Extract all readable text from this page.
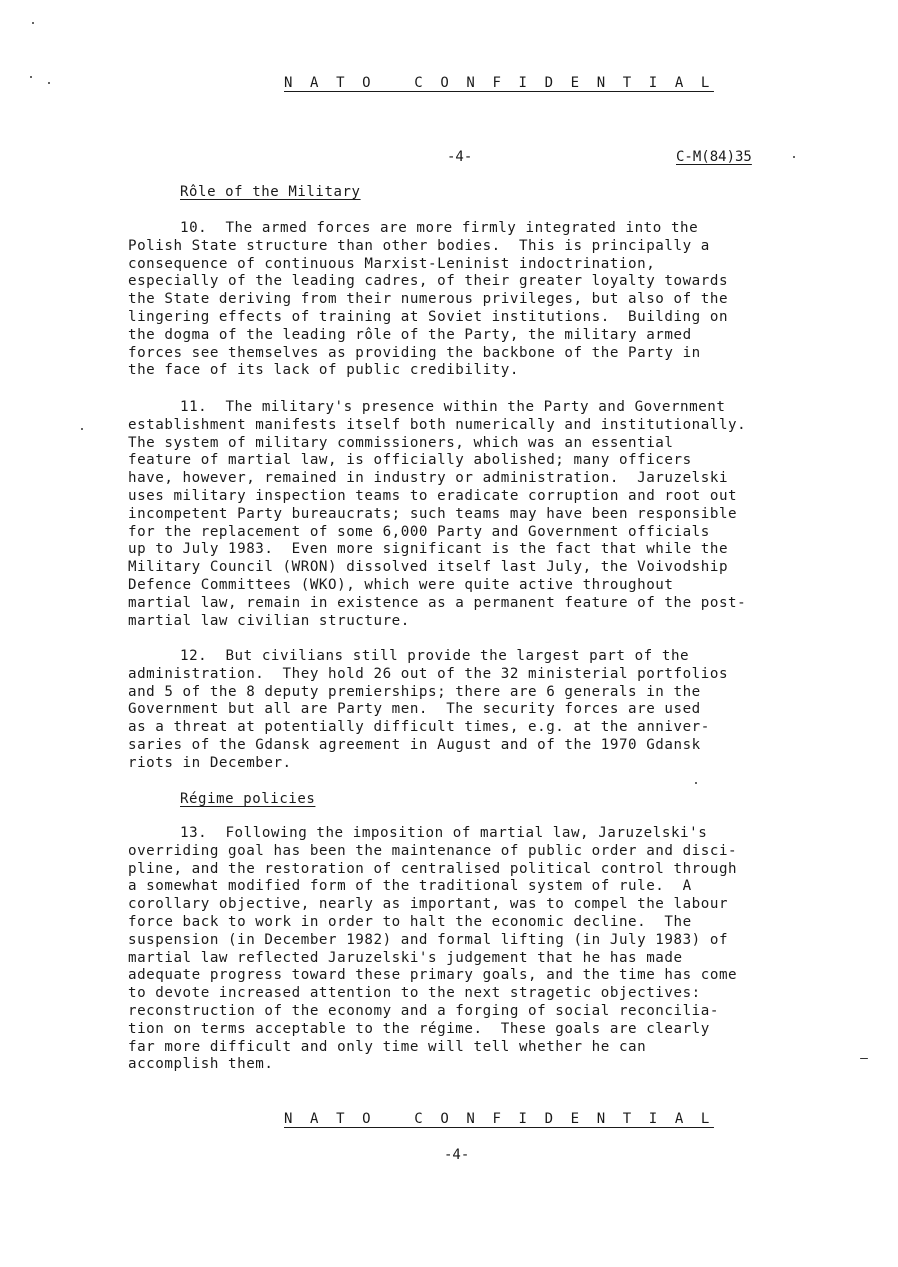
N A T O   C O N F I D E N T I A L
-4-	C-M(84)35
Rôle of the Military
10.  The armed forces are more firmly integrated into the
Polish State structure than other bodies.  This is principally a
consequence of continuous Marxist-Leninist indoctrination,
especially of the leading cadres, of their greater loyalty towards
the State deriving from their numerous privileges, but also of the
lingering effects of training at Soviet institutions.  Building on
the dogma of the leading rôle of the Party, the military armed
forces see themselves as providing the backbone of the Party in
the face of its lack of public credibility.
11.  The military's presence within the Party and Government
establishment manifests itself both numerically and institutionally.
The system of military commissioners, which was an essential
feature of martial law, is officially abolished; many officers
have, however, remained in industry or administration.  Jaruzelski
uses military inspection teams to eradicate corruption and root out
incompetent Party bureaucrats; such teams may have been responsible
for the replacement of some 6,000 Party and Government officials
up to July 1983.  Even more significant is the fact that while the
Military Council (WRON) dissolved itself last July, the Voivodship
Defence Committees (WKO), which were quite active throughout
martial law, remain in existence as a permanent feature of the post-
martial law civilian structure.
12.  But civilians still provide the largest part of the
administration.  They hold 26 out of the 32 ministerial portfolios
and 5 of the 8 deputy premierships; there are 6 generals in the
Government but all are Party men.  The security forces are used
as a threat at potentially difficult times, e.g. at the anniver-
saries of the Gdansk agreement in August and of the 1970 Gdansk
riots in December.
Régime policies
13.  Following the imposition of martial law, Jaruzelski's
overriding goal has been the maintenance of public order and disci-
pline, and the restoration of centralised political control through
a somewhat modified form of the traditional system of rule.  A
corollary objective, nearly as important, was to compel the labour
force back to work in order to halt the economic decline.  The
suspension (in December 1982) and formal lifting (in July 1983) of
martial law reflected Jaruzelski's judgement that he has made
adequate progress toward these primary goals, and the time has come
to devote increased attention to the next stragetic objectives:
reconstruction of the economy and a forging of social reconcilia-
tion on terms acceptable to the régime.  These goals are clearly
far more difficult and only time will tell whether he can
accomplish them.
N A T O   C O N F I D E N T I A L
-4-
